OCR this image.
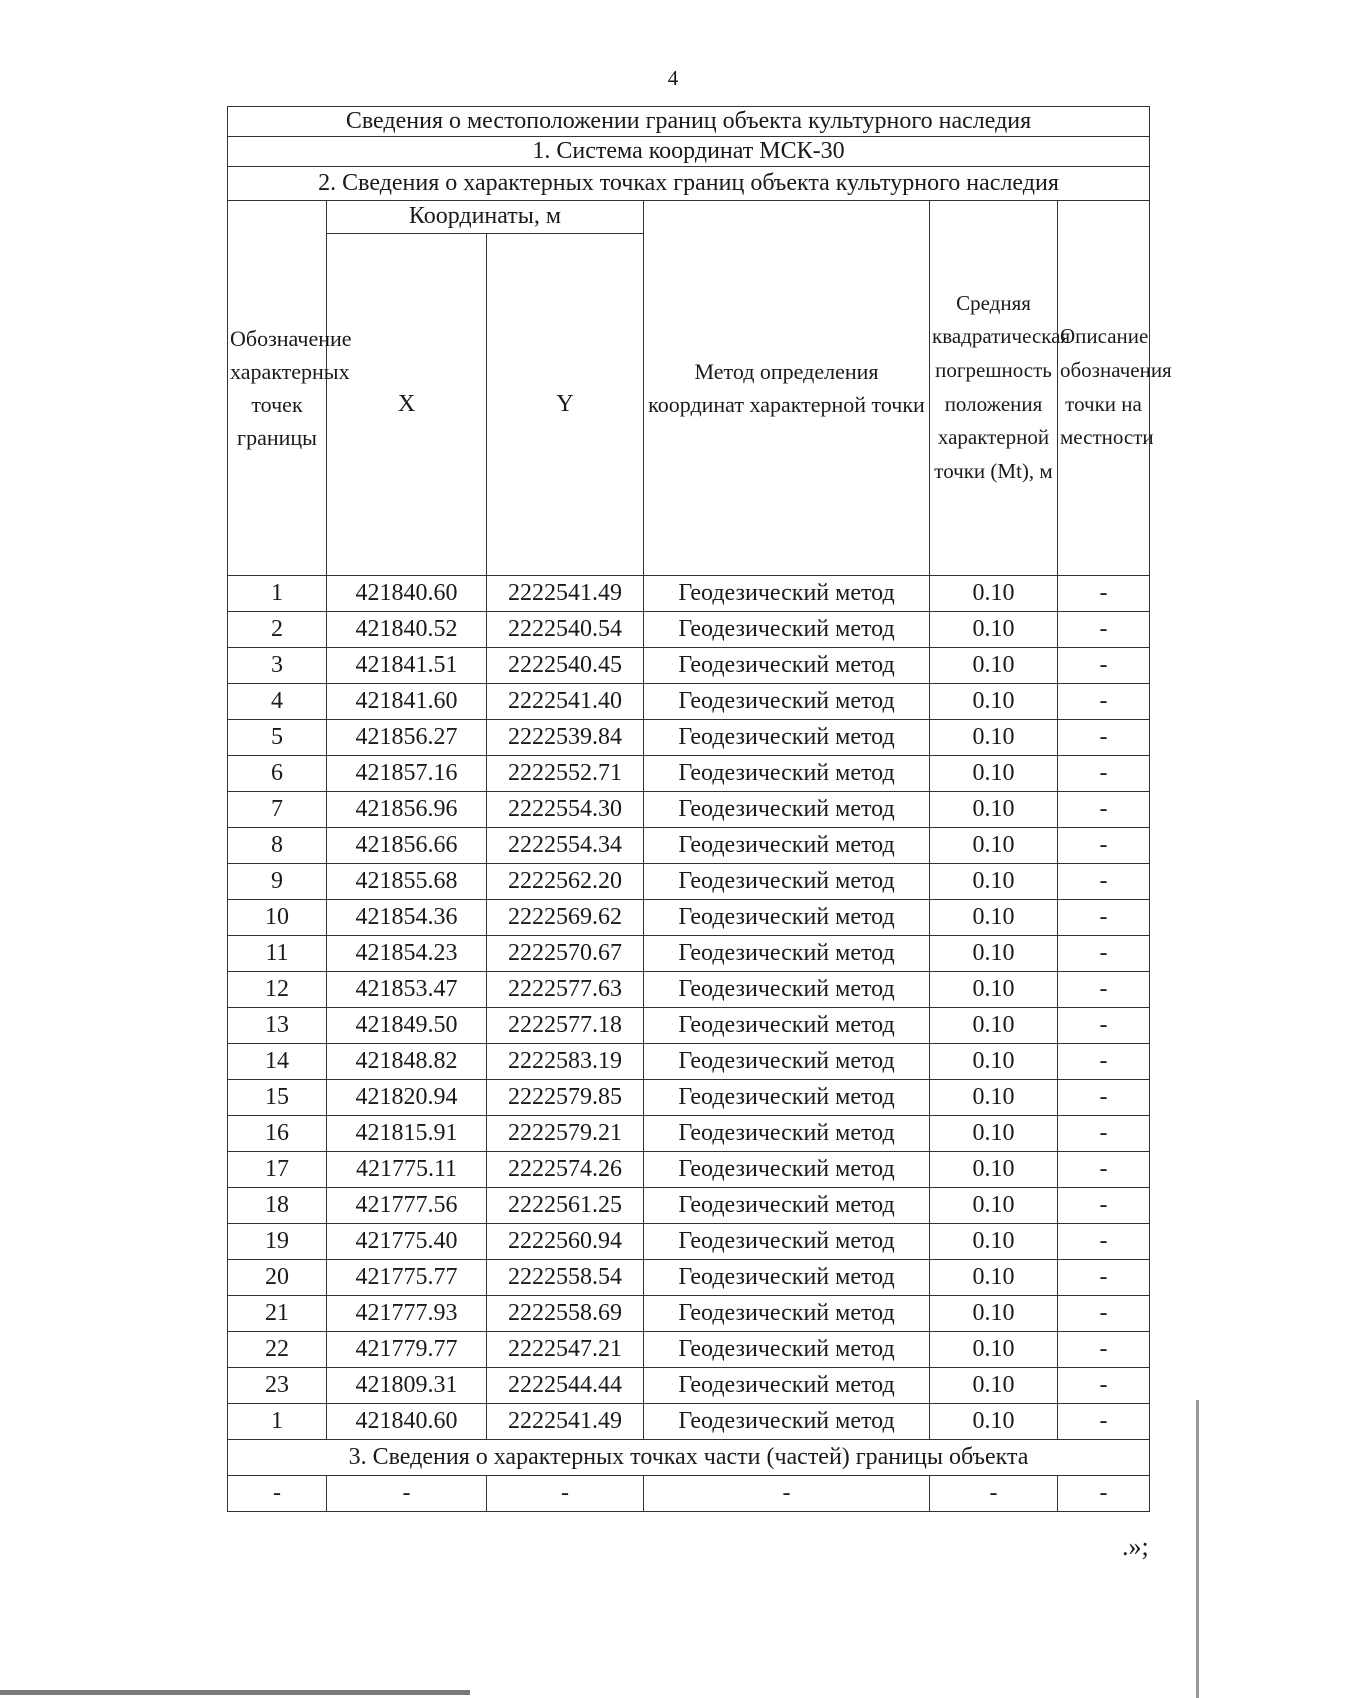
4
Сведения о местоположении границ объекта культурного наследия					
1. Система координат МСК-30					
2. Сведения о характерных точках границ объекта культурного наследия					
Обозначение характерных точек границы	Координаты, м		Метод определения координат характерной точки	Средняя квадратическая погрешность положения характерной точки (Mt), м	Описание обозначения точки на местности
	X	Y			
1	421840.60	2222541.49	Геодезический метод	0.10	-
2	421840.52	2222540.54	Геодезический метод	0.10	-
3	421841.51	2222540.45	Геодезический метод	0.10	-
4	421841.60	2222541.40	Геодезический метод	0.10	-
5	421856.27	2222539.84	Геодезический метод	0.10	-
6	421857.16	2222552.71	Геодезический метод	0.10	-
7	421856.96	2222554.30	Геодезический метод	0.10	-
8	421856.66	2222554.34	Геодезический метод	0.10	-
9	421855.68	2222562.20	Геодезический метод	0.10	-
10	421854.36	2222569.62	Геодезический метод	0.10	-
11	421854.23	2222570.67	Геодезический метод	0.10	-
12	421853.47	2222577.63	Геодезический метод	0.10	-
13	421849.50	2222577.18	Геодезический метод	0.10	-
14	421848.82	2222583.19	Геодезический метод	0.10	-
15	421820.94	2222579.85	Геодезический метод	0.10	-
16	421815.91	2222579.21	Геодезический метод	0.10	-
17	421775.11	2222574.26	Геодезический метод	0.10	-
18	421777.56	2222561.25	Геодезический метод	0.10	-
19	421775.40	2222560.94	Геодезический метод	0.10	-
20	421775.77	2222558.54	Геодезический метод	0.10	-
21	421777.93	2222558.69	Геодезический метод	0.10	-
22	421779.77	2222547.21	Геодезический метод	0.10	-
23	421809.31	2222544.44	Геодезический метод	0.10	-
1	421840.60	2222541.49	Геодезический метод	0.10	-
3. Сведения о характерных точках части (частей) границы объекта					
-	-	-	-	-	-
.»;
